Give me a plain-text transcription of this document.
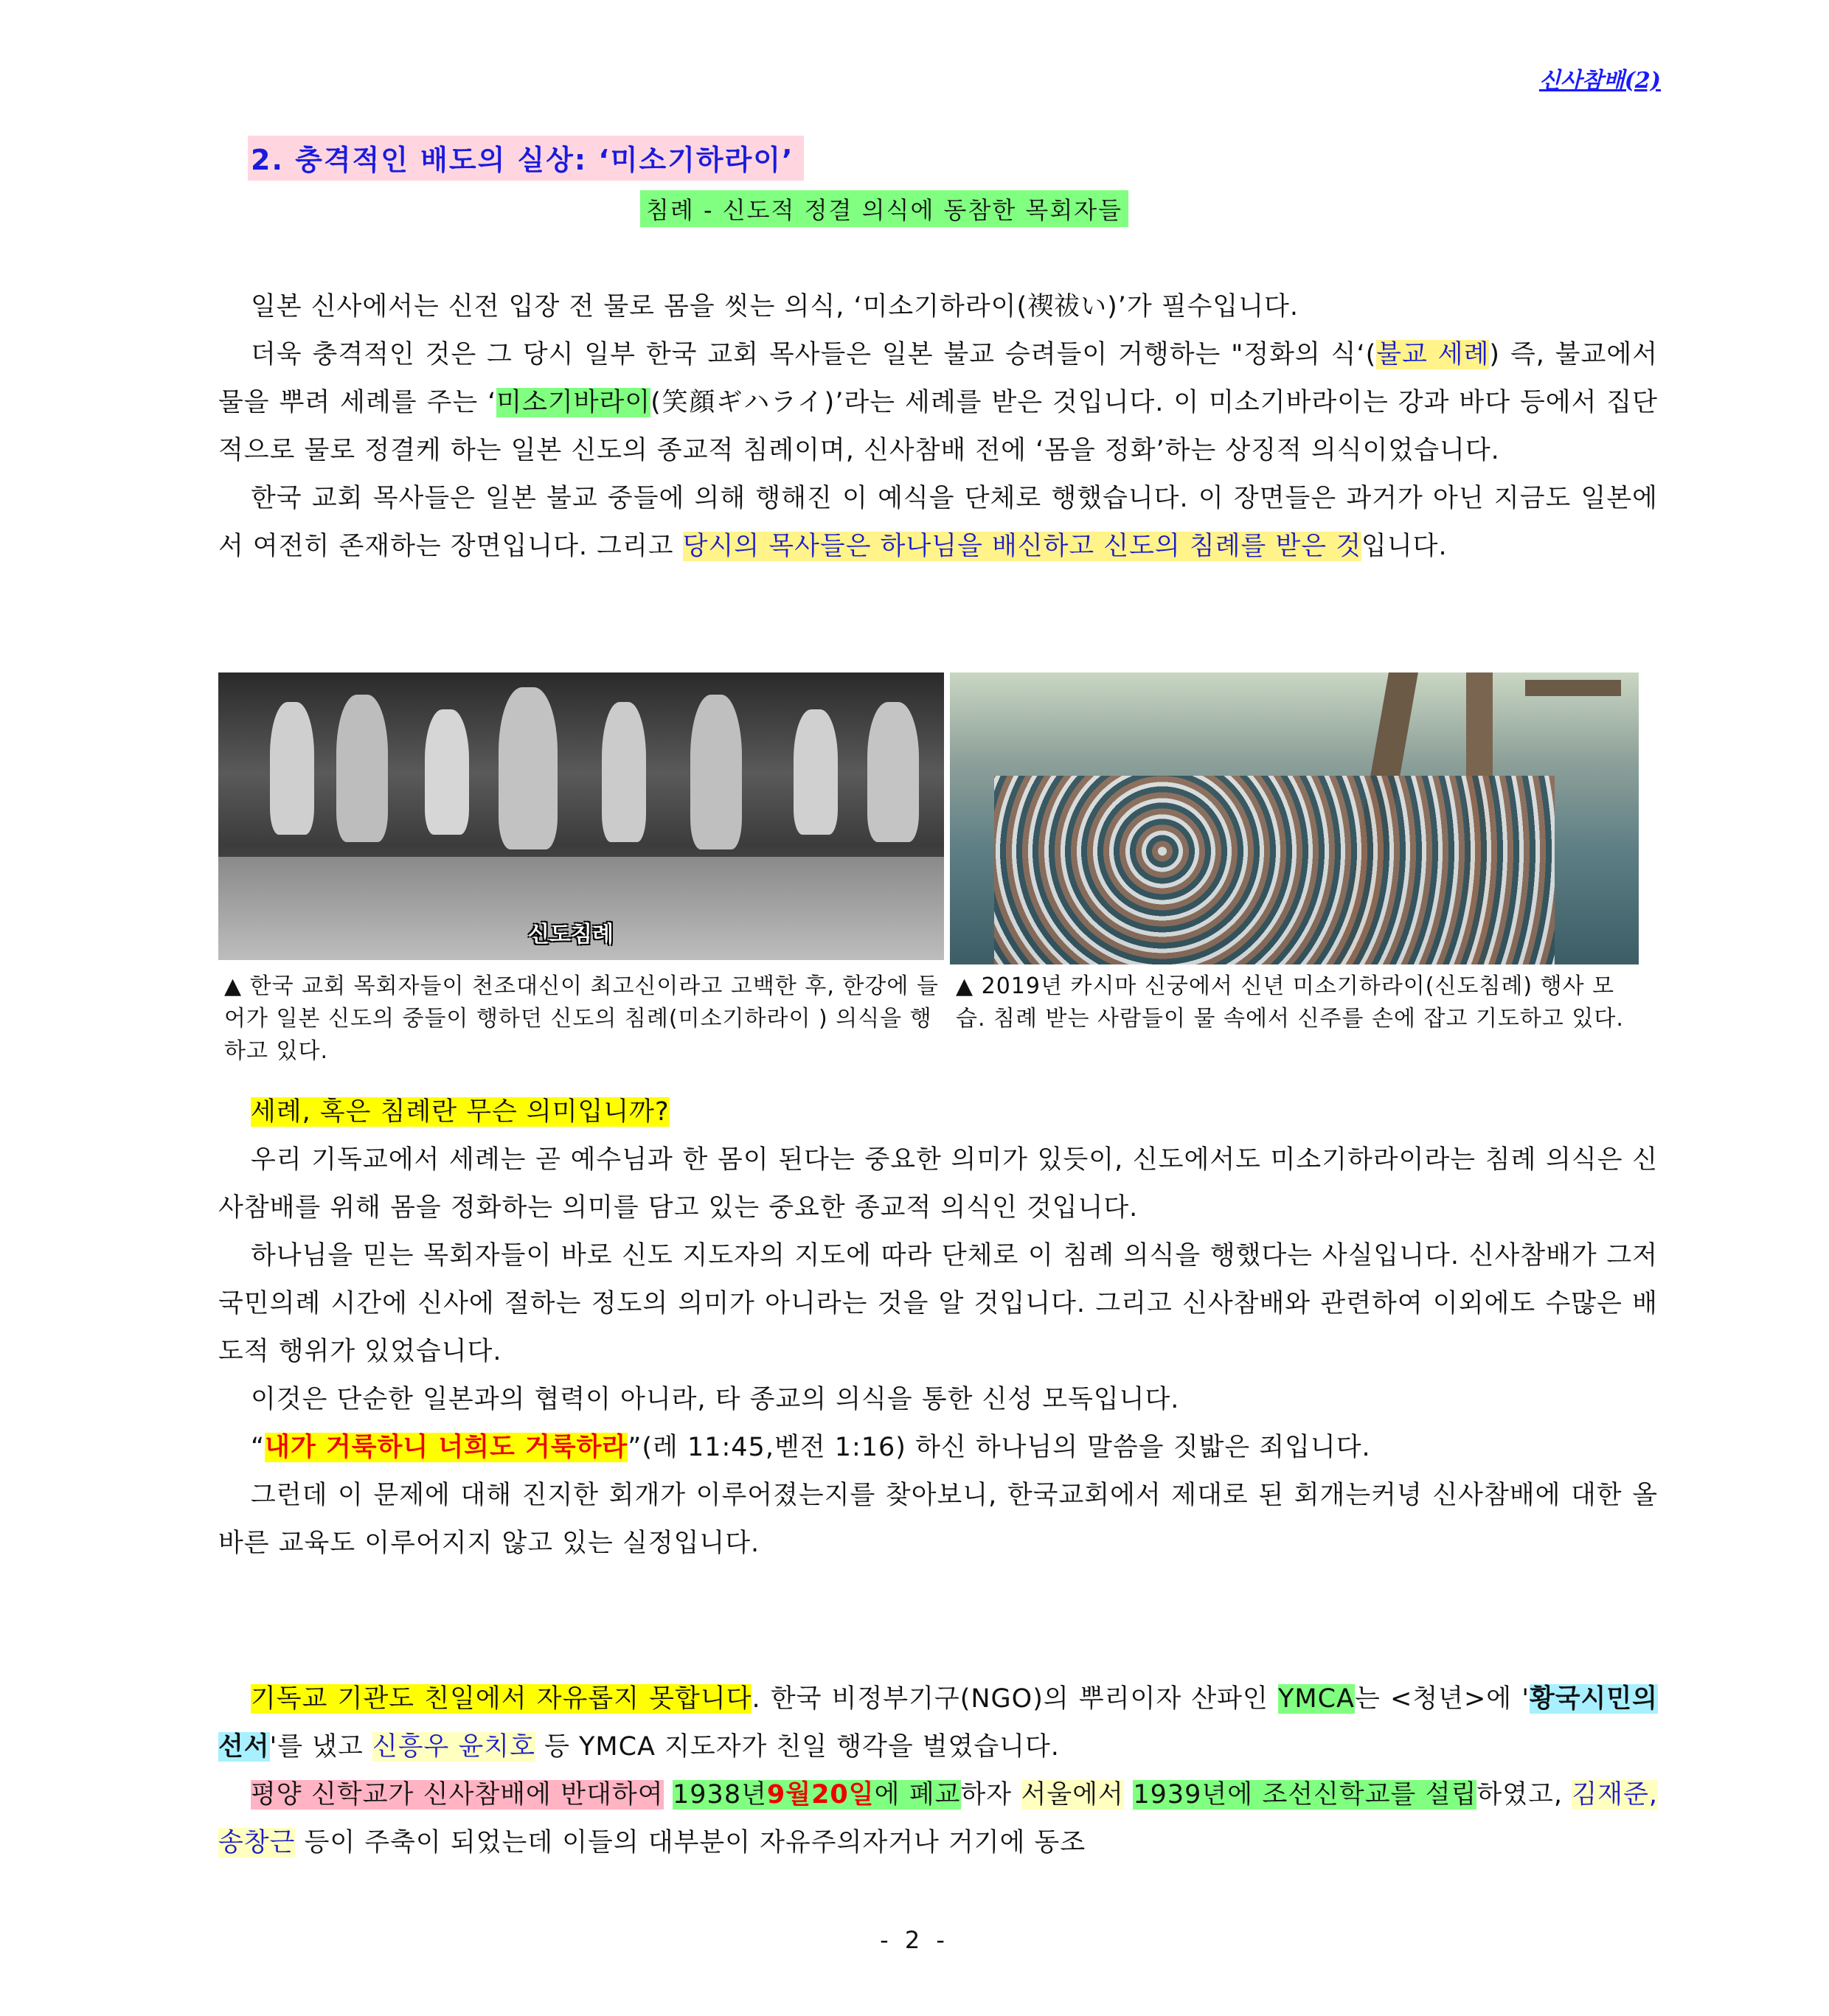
신사참배(2)
2. 충격적인 배도의 실상: ‘미소기하라이’
침례 - 신도적 정결 의식에 동참한 목회자들

일본 신사에서는 신전 입장 전 물로 몸을 씻는 의식, ‘미소기하라이(禊祓い)’가 필수입니다.

더욱 충격적인 것은 그 당시 일부 한국 교회 목사들은 일본 불교 승려들이 거행하는 "정화의 식‘(불교 세례) 즉, 불교에서 물을 뿌려 세례를 주는 ‘미소기바라이(笑顔ギハライ)’라는 세례를 받은 것입니다. 이 미소기바라이는 강과 바다 등에서 집단적으로 물로 정결케 하는 일본 신도의 종교적 침례이며, 신사참배 전에 ‘몸을 정화’하는 상징적 의식이었습니다.

한국 교회 목사들은 일본 불교 중들에 의해 행해진 이 예식을 단체로 행했습니다. 이 장면들은 과거가 아닌 지금도 일본에서 여전히 존재하는 장면입니다. 그리고 당시의 목사들은 하나님을 배신하고 신도의 침례를 받은 것입니다.

신도침례
▲ 한국 교회 목회자들이 천조대신이 최고신이라고 고백한 후, 한강에 들어가 일본 신도의 중들이 행하던 신도의 침례(미소기하라이 ) 의식을 행하고 있다.
▲ 2019년 카시마 신궁에서 신년 미소기하라이(신도침례) 행사 모습. 침례 받는 사람들이 물 속에서 신주를 손에 잡고 기도하고 있다.

세례, 혹은 침례란 무슨 의미입니까?

우리 기독교에서 세례는 곧 예수님과 한 몸이 된다는 중요한 의미가 있듯이, 신도에서도 미소기하라이라는 침례 의식은 신사참배를 위해 몸을 정화하는 의미를 담고 있는 중요한 종교적 의식인 것입니다.

하나님을 믿는 목회자들이 바로 신도 지도자의 지도에 따라 단체로 이 침례 의식을 행했다는 사실입니다. 신사참배가 그저 국민의례 시간에 신사에 절하는 정도의 의미가 아니라는 것을 알 것입니다. 그리고 신사참배와 관련하여 이외에도 수많은 배도적 행위가 있었습니다.

이것은 단순한 일본과의 협력이 아니라, 타 종교의 의식을 통한 신성 모독입니다.

“내가 거룩하니 너희도 거룩하라”(레 11:45,벧전 1:16) 하신 하나님의 말씀을 짓밟은 죄입니다.

그런데 이 문제에 대해 진지한 회개가 이루어졌는지를 찾아보니, 한국교회에서 제대로 된 회개는커녕 신사참배에 대한 올바른 교육도 이루어지지 않고 있는 실정입니다.

기독교 기관도 친일에서 자유롭지 못합니다. 한국 비정부기구(NGO)의 뿌리이자 산파인 YMCA는 <청년>에 '황국시민의 선서'를 냈고 신흥우 윤치호 등 YMCA 지도자가 친일 행각을 벌였습니다.

평양 신학교가 신사참배에 반대하여 1938년9월20일에 폐교하자 서울에서 1939년에 조선신학교를 설립하였고, 김재준, 송창근 등이 주축이 되었는데 이들의 대부분이 자유주의자거나 거기에 동조

- 2 -
